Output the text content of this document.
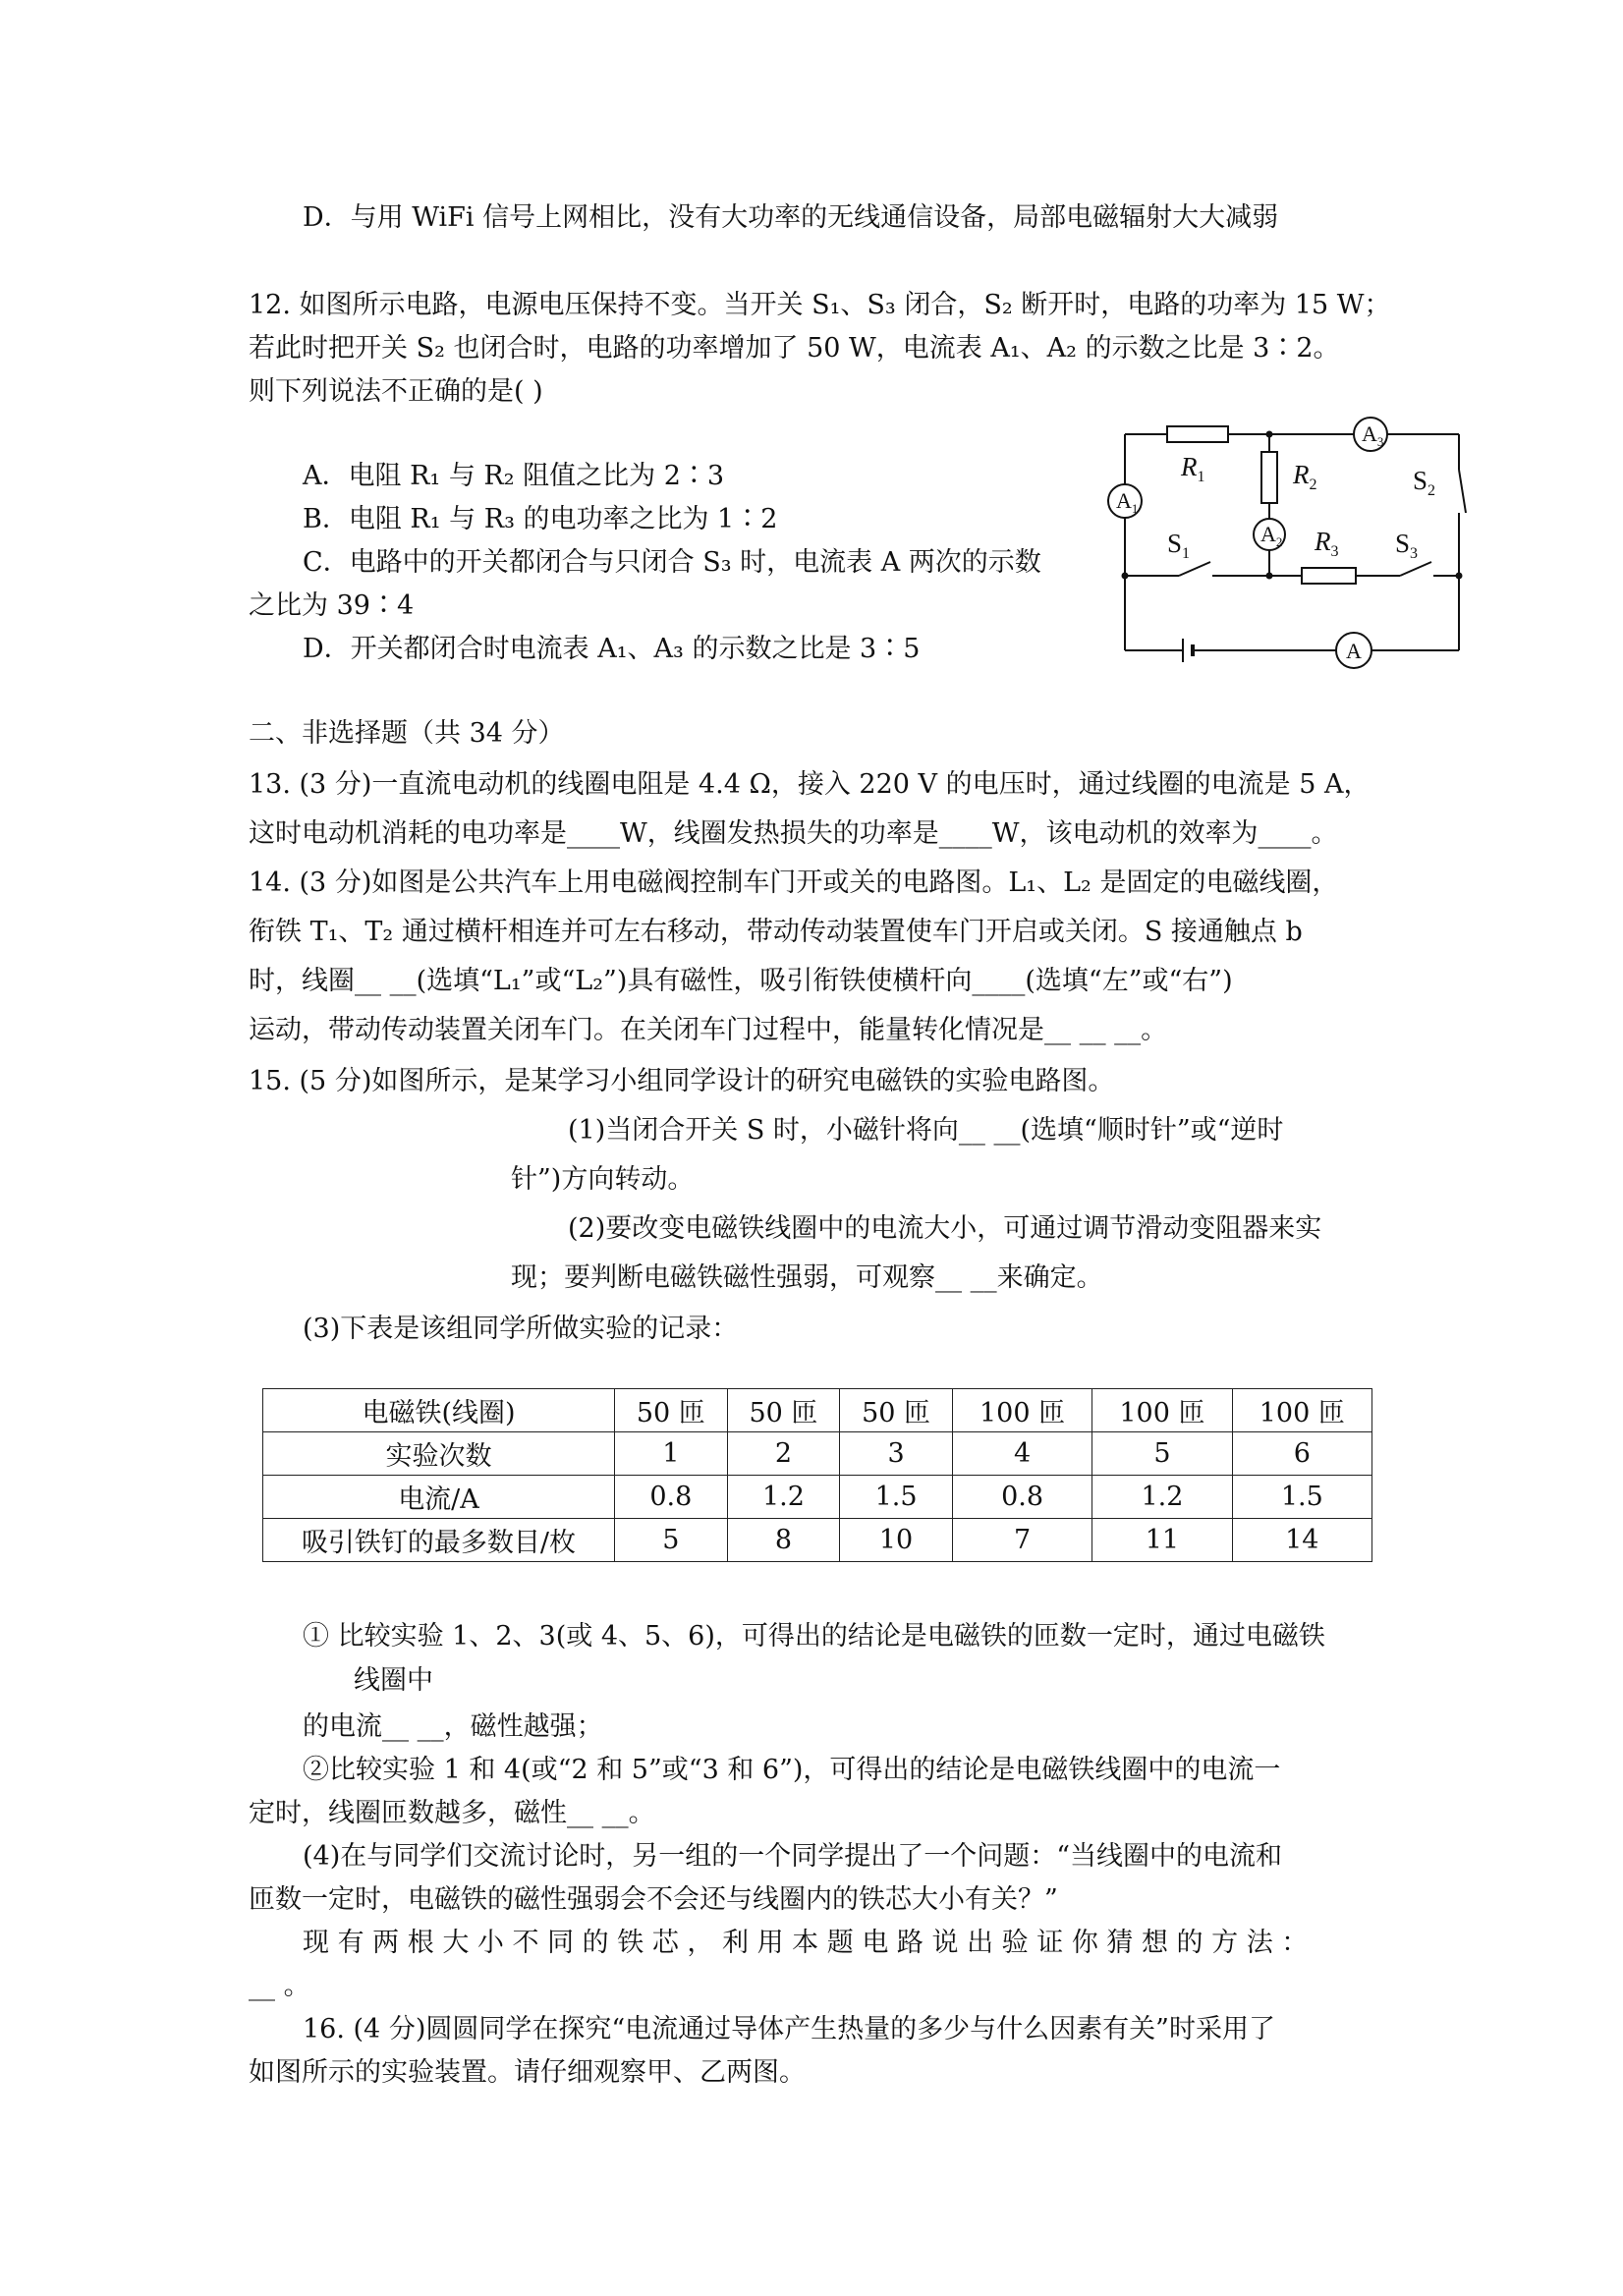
D．与用 WiFi 信号上网相比，没有大功率的无线通信设备，局部电磁辐射大大减弱
12. 如图所示电路，电源电压保持不变。当开关 S₁、S₃ 闭合，S₂ 断开时，电路的功率为 15 W；
若此时把开关 S₂ 也闭合时，电路的功率增加了 50 W，电流表 A₁、A₂ 的示数之比是 3∶2。
则下列说法不正确的是( )
A．电阻 R₁ 与 R₂ 阻值之比为 2∶3
B．电阻 R₁ 与 R₃ 的电功率之比为 1∶2
C．电路中的开关都闭合与只闭合 S₃ 时，电流表 A 两次的示数
之比为 39∶4
D．开关都闭合时电流表 A₁、A₃ 的示数之比是 3∶5
$R_1$	$R_2$
$R_3$
$S_1$
$S_2$
$S_3$
$A_1$
$A_2$
$A_3$
A
二、非选择题（共 34 分）
13. (3 分)一直流电动机的线圈电阻是 4.4 Ω，接入 220 V 的电压时，通过线圈的电流是 5 A，
这时电动机消耗的电功率是____W，线圈发热损失的功率是____W，该电动机的效率为____。
14. (3 分)如图是公共汽车上用电磁阀控制车门开或关的电路图。L₁、L₂ 是固定的电磁线圈，
衔铁 T₁、T₂ 通过横杆相连并可左右移动，带动传动装置使车门开启或关闭。S 接通触点 b
时，线圈__ __(选填“L₁”或“L₂”)具有磁性，吸引衔铁使横杆向____(选填“左”或“右”)
运动，带动传动装置关闭车门。在关闭车门过程中，能量转化情况是__ __ __。
15. (5 分)如图所示，是某学习小组同学设计的研究电磁铁的实验电路图。
(1)当闭合开关 S 时，小磁针将向__ __(选填“顺时针”或“逆时
针”)方向转动。
(2)要改变电磁铁线圈中的电流大小，可通过调节滑动变阻器来实
现；要判断电磁铁磁性强弱，可观察__ __来确定。
(3)下表是该组同学所做实验的记录：
电磁铁(线圈)	50 匝	50 匝	50 匝	100 匝	100 匝	100 匝
实验次数	1	2	3	4	5	6
电流/A	0.8	1.2	1.5	0.8	1.2	1.5
吸引铁钉的最多数目/枚	5	8	10	7	11	14
① 比较实验 1、2、3(或 4、5、6)，可得出的结论是电磁铁的匝数一定时，通过电磁铁
线圈中
的电流__ __，磁性越强；
②比较实验 1 和 4(或“2 和 5”或“3 和 6”)，可得出的结论是电磁铁线圈中的电流一
定时，线圈匝数越多，磁性__ __。
(4)在与同学们交流讨论时，另一组的一个同学提出了一个问题：“当线圈中的电流和
匝数一定时，电磁铁的磁性强弱会不会还与线圈内的铁芯大小有关？”
现 有 两 根 大 小 不 同 的 铁 芯 ， 利 用 本 题 电 路 说 出 验 证 你 猜 想 的 方 法 ：
__ 。
16. (4 分)圆圆同学在探究“电流通过导体产生热量的多少与什么因素有关”时采用了
如图所示的实验装置。请仔细观察甲、乙两图。
